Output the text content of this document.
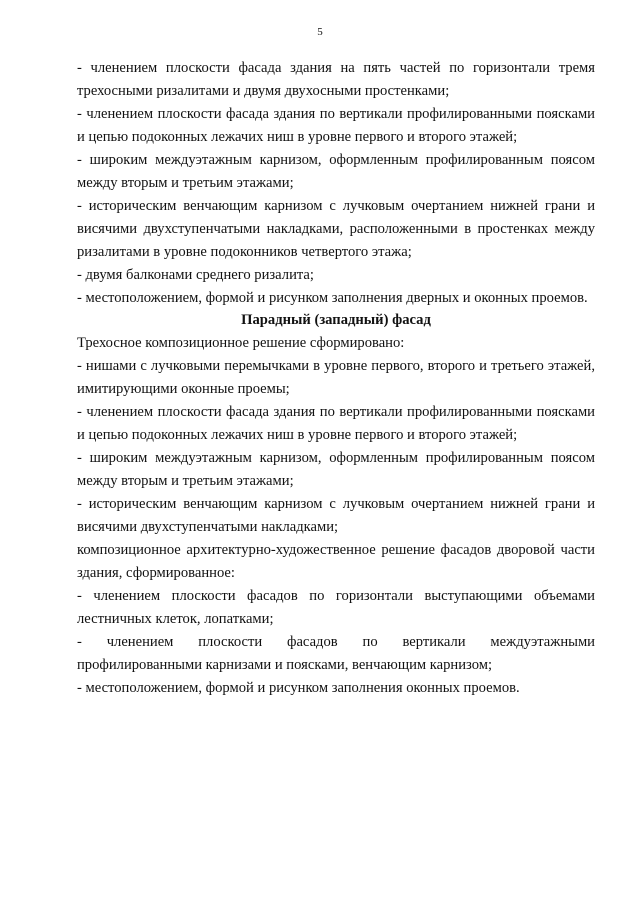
5

- членением плоскости фасада здания на пять частей по горизонтали тремя трехосными ризалитами и двумя двухосными простенками;

- членением плоскости фасада здания по вертикали профилированными поясками и цепью подоконных лежачих ниш в уровне первого и второго этажей;

- широким междуэтажным карнизом, оформленным профилированным поясом между вторым и третьим этажами;

- историческим венчающим карнизом с лучковым очертанием нижней грани и висячими двухступенчатыми накладками, расположенными в простенках между ризалитами в уровне подоконников четвертого этажа;

- двумя балконами среднего ризалита;

- местоположением, формой и рисунком заполнения дверных и оконных проемов.

Парадный (западный) фасад

Трехосное композиционное решение сформировано:

- нишами с лучковыми перемычками в уровне первого, второго и третьего этажей, имитирующими оконные проемы;

- членением плоскости фасада здания по вертикали профилированными поясками и цепью подоконных лежачих ниш в уровне первого и второго этажей;

- широким междуэтажным карнизом, оформленным профилированным поясом между вторым и третьим этажами;

- историческим венчающим карнизом с лучковым очертанием нижней грани и висячими двухступенчатыми накладками;

композиционное архитектурно-художественное решение фасадов дворовой части здания, сформированное:

- членением плоскости фасадов по горизонтали выступающими объемами лестничных клеток, лопатками;

- членением плоскости фасадов по вертикали междуэтажными профилированными карнизами и поясками, венчающим карнизом;

- местоположением, формой и рисунком заполнения оконных проемов.
